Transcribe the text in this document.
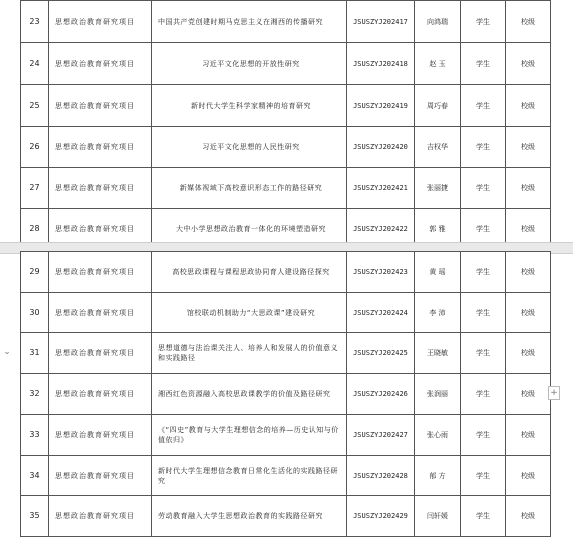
23	思想政治教育研究项目	中国共产党创建时期马克思主义在湘西的传播研究	JSUSZYJ202417	向鸿瑞	学生	校级
24	思想政治教育研究项目	习近平文化思想的开放性研究	JSUSZYJ202418	赵 玉	学生	校级
25	思想政治教育研究项目	新时代大学生科学家精神的培育研究	JSUSZYJ202419	周巧春	学生	校级
26	思想政治教育研究项目	习近平文化思想的人民性研究	JSUSZYJ202420	吉权华	学生	校级
27	思想政治教育研究项目	新媒体视域下高校意识形态工作的路径研究	JSUSZYJ202421	张丽捷	学生	校级
28	思想政治教育研究项目	大中小学思想政治教育一体化的环境塑造研究	JSUSZYJ202422	郭 雅	学生	校级
29	思想政治教育研究项目	高校思政课程与课程思政协同育人建设路径探究	JSUSZYJ202423	黄 瑶	学生	校级
30	思想政治教育研究项目	馆校联动机制助力“大思政课”建设研究	JSUSZYJ202424	李 沛	学生	校级
31	思想政治教育研究项目	思想道德与法治课关注人、培养人和发展人的价值意义和实践路径	JSUSZYJ202425	王晓敏	学生	校级
32	思想政治教育研究项目	湘西红色资源融入高校思政课教学的价值及路径研究	JSUSZYJ202426	张润丽	学生	校级
33	思想政治教育研究项目	《“四史”教育与大学生理想信念的培养—历史认知与价值依归》	JSUSZYJ202427	张心雨	学生	校级
34	思想政治教育研究项目	新时代大学生理想信念教育日常化生活化的实践路径研究	JSUSZYJ202428	郁 方	学生	校级
35	思想政治教育研究项目	劳动教育融入大学生思想政治教育的实践路径研究	JSUSZYJ202429	闫轩媛	学生	校级
⌄
+
